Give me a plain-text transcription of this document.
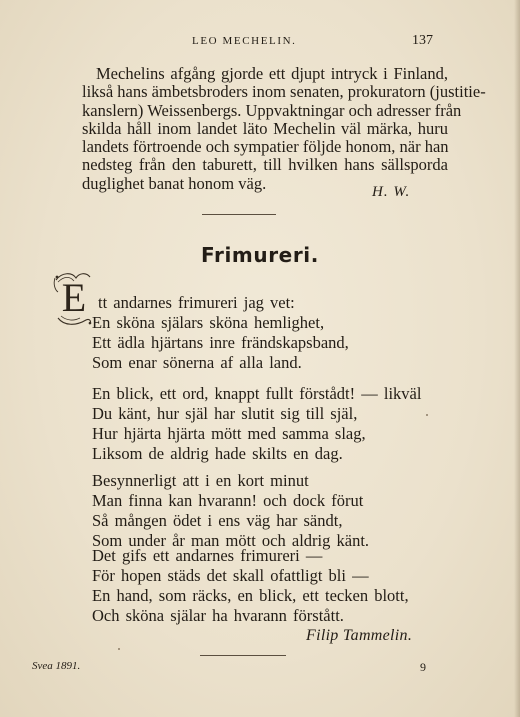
LEO MECHELIN.	137
Mechelins afgång gjorde ett djupt intryck i Finland,
likså hans ämbetsbroders inom senaten, prokuratorn (justitie-
kanslern) Weissenbergs. Uppvaktningar och adresser från
skilda håll inom landet läto Mechelin väl märka, huru
landets förtroende och sympatier följde honom, när han
nedsteg från den taburett, till hvilken hans sällsporda
duglighet banat honom väg.	H. W.
Frimureri.
E tt andarnes frimureri jag vet:
En sköna själars sköna hemlighet,
Ett ädla hjärtans inre frändskapsband,
Som enar sönerna af alla land.
En blick, ett ord, knappt fullt förstådt! — likväl
Du känt, hur själ har slutit sig till själ,
Hur hjärta hjärta mött med samma slag,
Liksom de aldrig hade skilts en dag.
Besynnerligt att i en kort minut
Man finna kan hvarann! och dock förut
Så mången ödet i ens väg har sändt,
Som under år man mött och aldrig känt.
Det gifs ett andarnes frimureri —
För hopen städs det skall ofattligt bli —
En hand, som räcks, en blick, ett tecken blott,
Och sköna själar ha hvarann förstått.
Filip Tammelin.
Svea 1891.	9
